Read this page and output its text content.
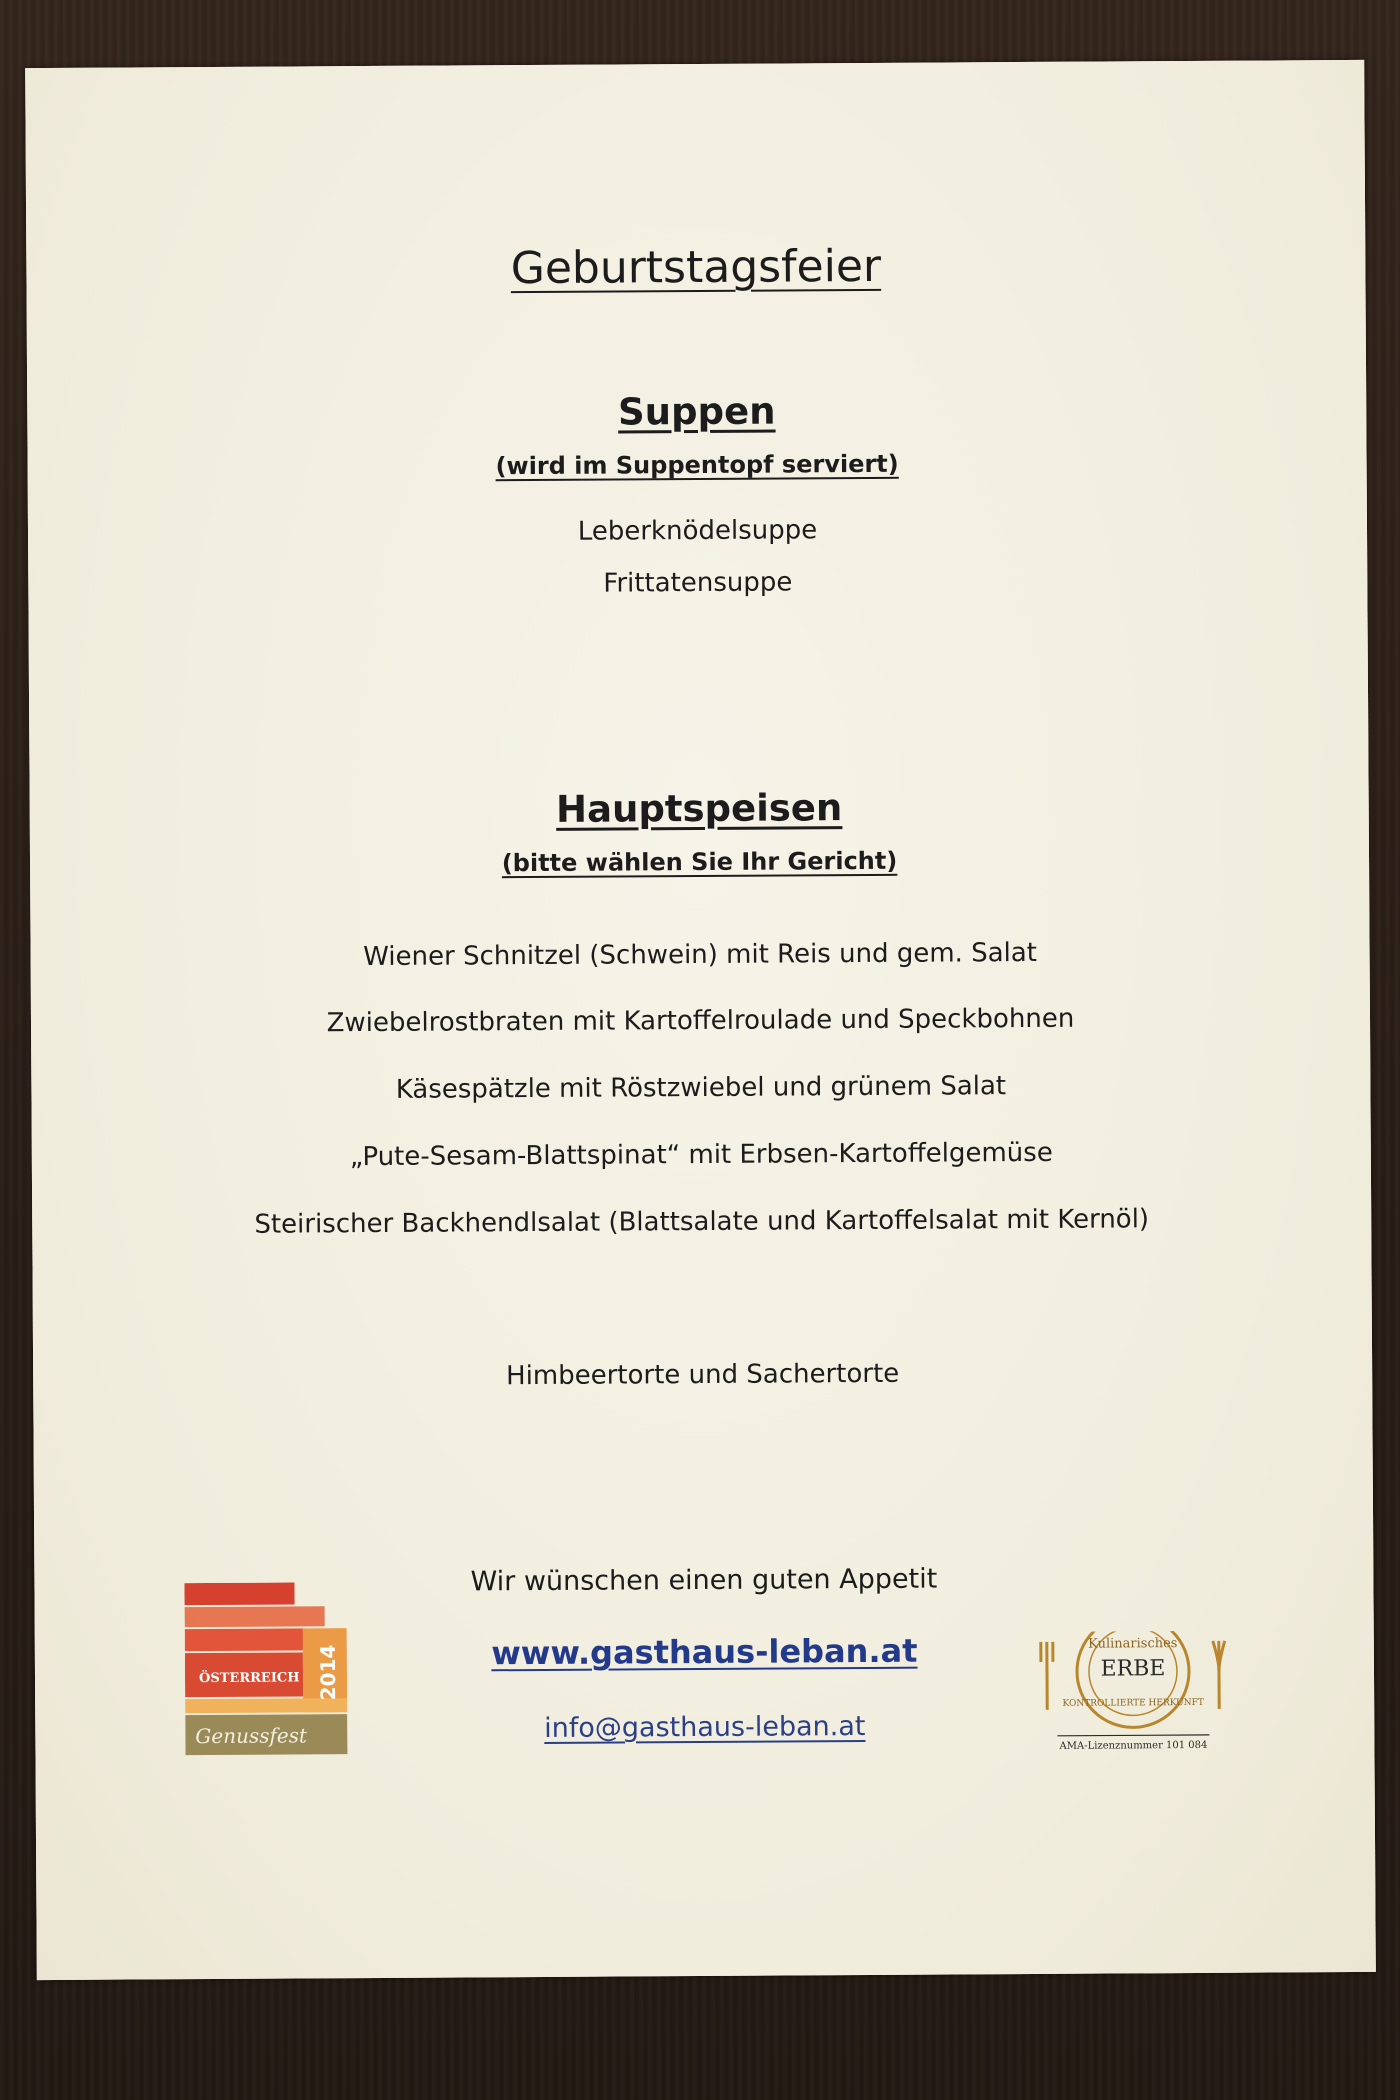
Geburtstagsfeier
Suppen
(wird im Suppentopf serviert)
Leberknödelsuppe
Frittatensuppe
Hauptspeisen
(bitte wählen Sie Ihr Gericht)
Wiener Schnitzel (Schwein) mit Reis und gem. Salat
Zwiebelrostbraten mit Kartoffelroulade und Speckbohnen
Käsespätzle mit Röstzwiebel und grünem Salat
„Pute-Sesam-Blattspinat“ mit Erbsen-Kartoffelgemüse
Steirischer Backhendlsalat (Blattsalate und Kartoffelsalat mit Kernöl)
Himbeertorte und Sachertorte
Wir wünschen einen guten Appetit
www.gasthaus-leban.at
info@gasthaus-leban.at
ÖSTERREICH 2014
Genussfest
Kulinarisches
ERBE
KONTROLLIERTE HERKUNFT
AMA-Lizenznummer 101 084
